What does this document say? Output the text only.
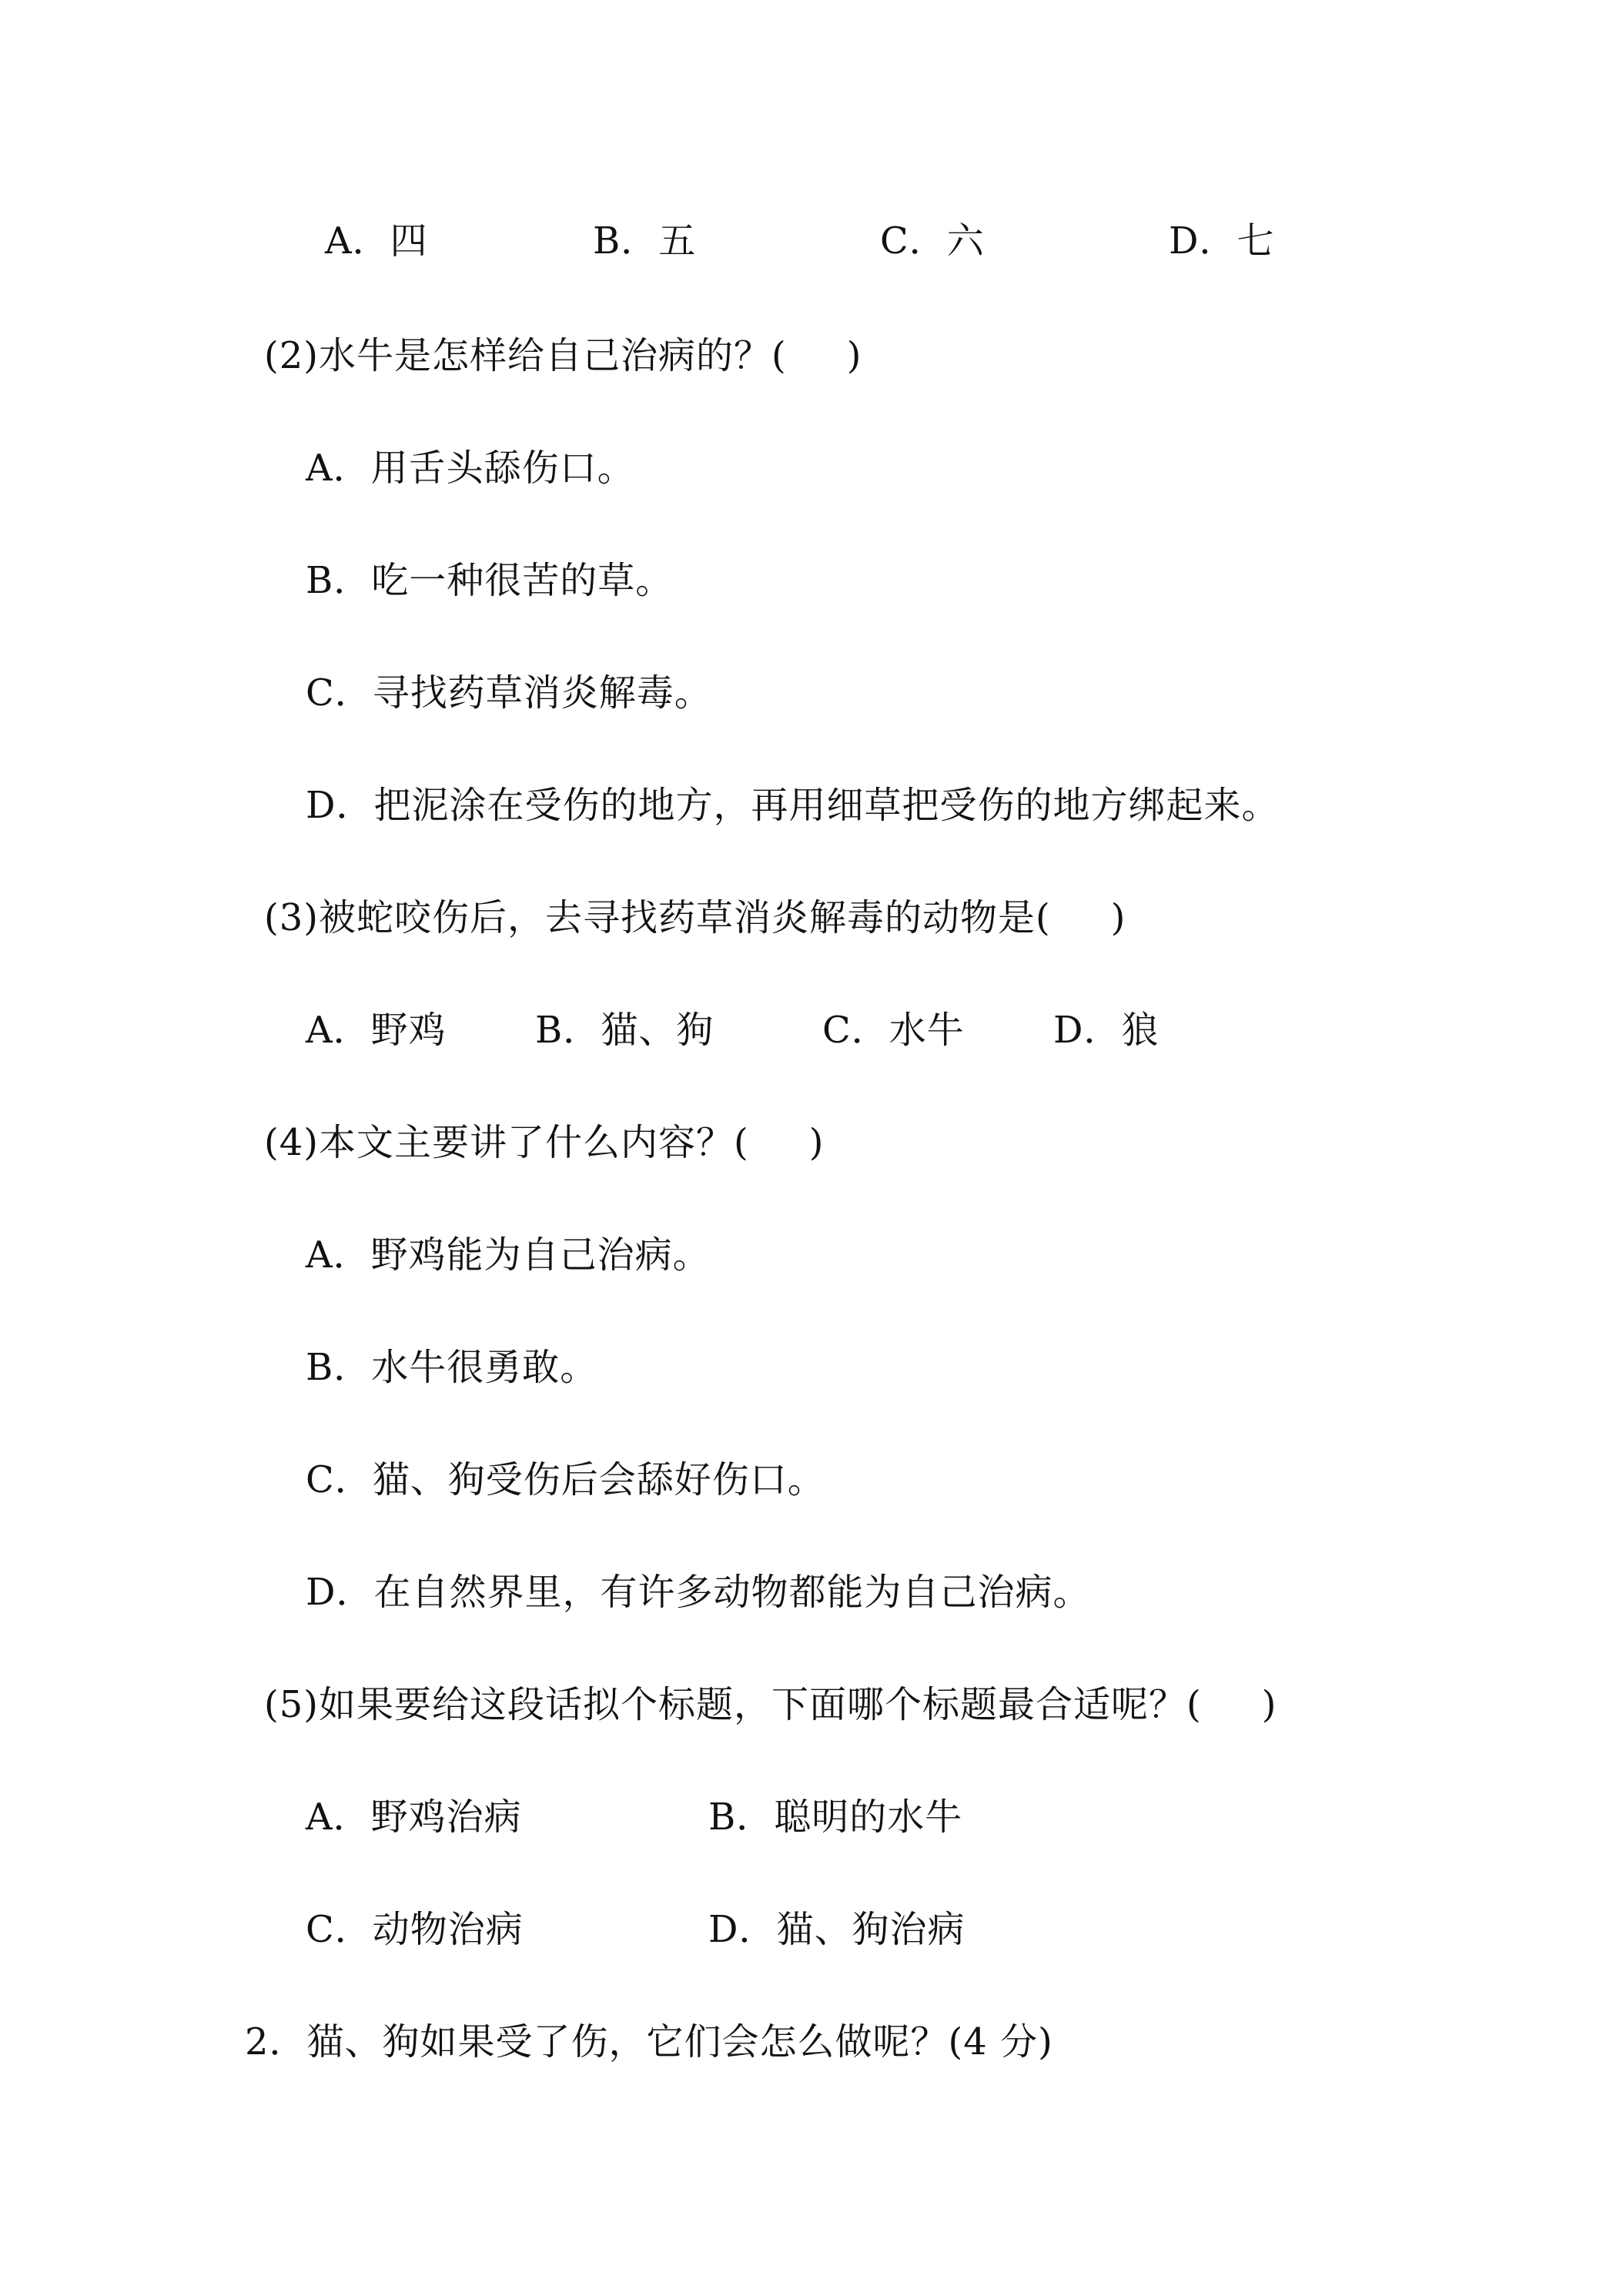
A．四	B．五	C．六	D．七
(2)水牛是怎样给自己治病的？( )
A．用舌头舔伤口。
B．吃一种很苦的草。
C．寻找药草消炎解毒。
D．把泥涂在受伤的地方，再用细草把受伤的地方绑起来。
(3)被蛇咬伤后，去寻找药草消炎解毒的动物是( )
A．野鸡 B．猫、狗	C．水牛 D．狼
(4)本文主要讲了什么内容？( )
A．野鸡能为自己治病。
B．水牛很勇敢。
C．猫、狗受伤后会舔好伤口。
D．在自然界里，有许多动物都能为自己治病。
(5)如果要给这段话拟个标题，下面哪个标题最合适呢？( )
A．野鸡治病	B．聪明的水牛
C．动物治病	D．猫、狗治病
2．猫、狗如果受了伤，它们会怎么做呢？(4 分)
